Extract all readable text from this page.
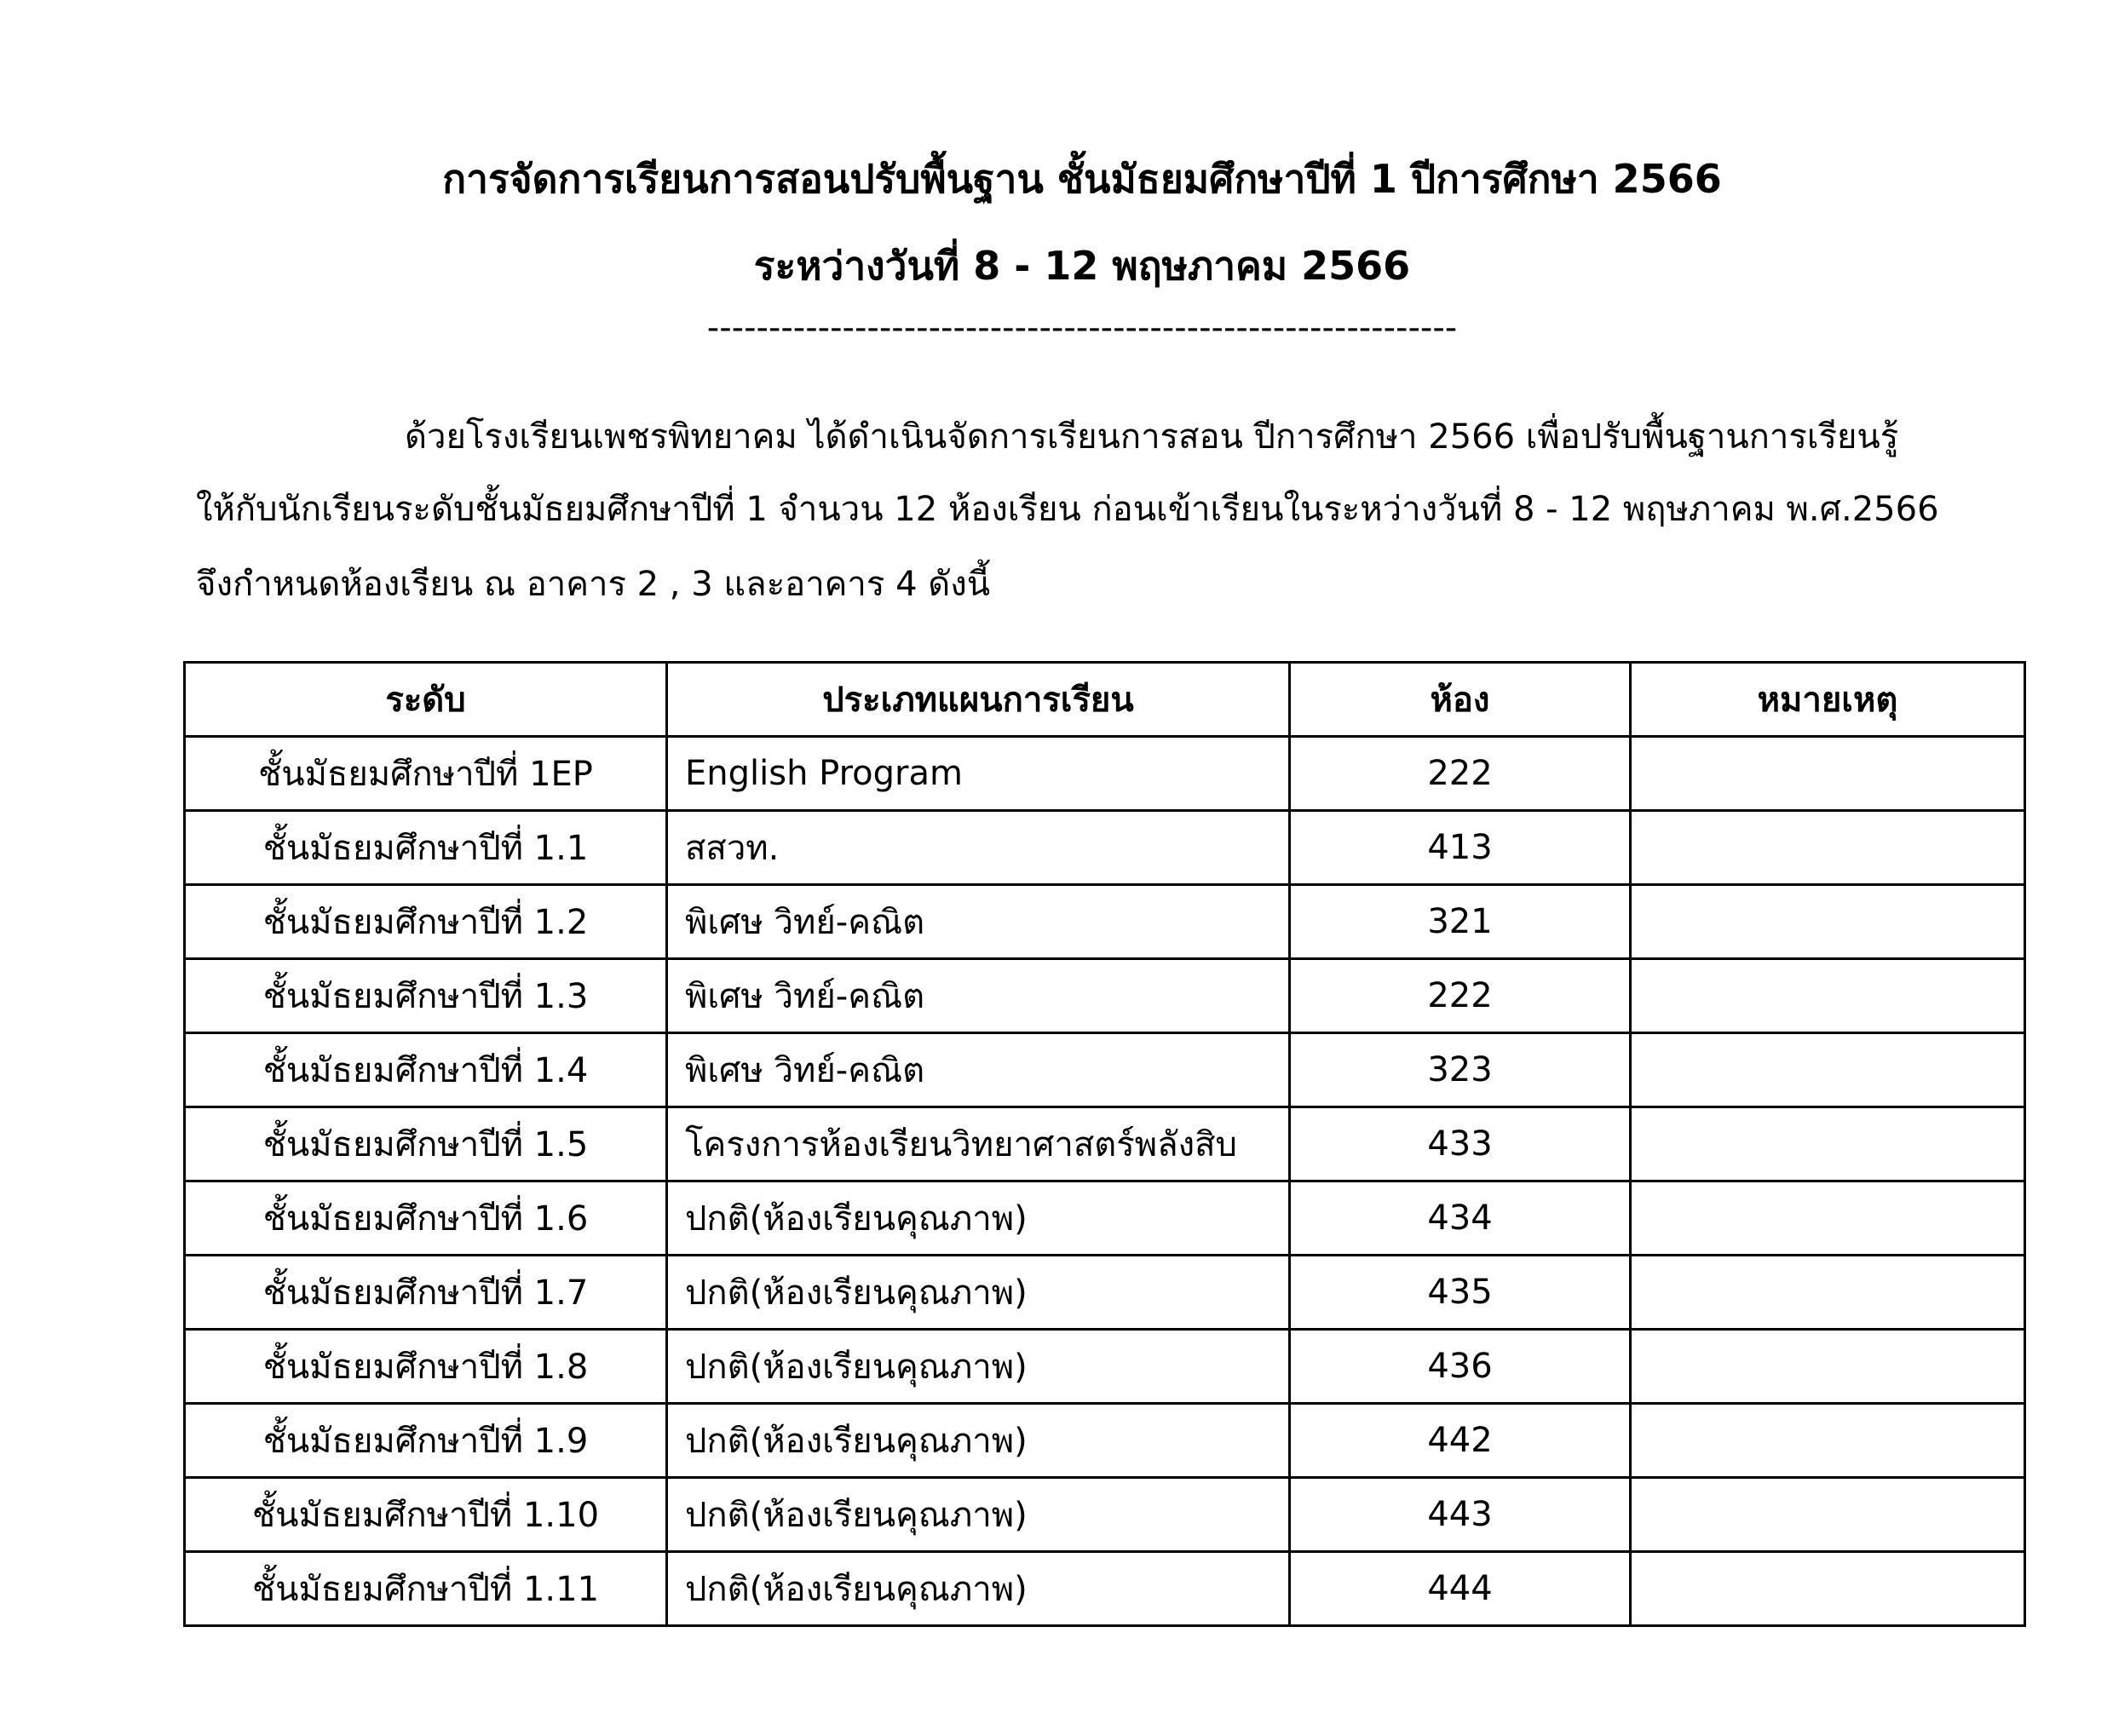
การจัดการเรียนการสอนปรับพื้นฐาน ชั้นมัธยมศึกษาปีที่ 1 ปีการศึกษา 2566
ระหว่างวันที่ 8 - 12 พฤษภาคม 2566
-------------------------------------------------------------
ด้วยโรงเรียนเพชรพิทยาคม ได้ดำเนินจัดการเรียนการสอน ปีการศึกษา 2566 เพื่อปรับพื้นฐานการเรียนรู้
ให้กับนักเรียนระดับชั้นมัธยมศึกษาปีที่ 1 จำนวน 12 ห้องเรียน ก่อนเข้าเรียนในระหว่างวันที่ 8 - 12 พฤษภาคม พ.ศ.2566
จึงกำหนดห้องเรียน ณ อาคาร 2 , 3 และอาคาร 4 ดังนี้
ระดับ	ประเภทแผนการเรียน	ห้อง	หมายเหตุ
ชั้นมัธยมศึกษาปีที่ 1EP	English Program	222	
ชั้นมัธยมศึกษาปีที่ 1.1	สสวท.	413	
ชั้นมัธยมศึกษาปีที่ 1.2	พิเศษ วิทย์-คณิต	321	
ชั้นมัธยมศึกษาปีที่ 1.3	พิเศษ วิทย์-คณิต	222	
ชั้นมัธยมศึกษาปีที่ 1.4	พิเศษ วิทย์-คณิต	323	
ชั้นมัธยมศึกษาปีที่ 1.5	โครงการห้องเรียนวิทยาศาสตร์พลังสิบ	433	
ชั้นมัธยมศึกษาปีที่ 1.6	ปกติ(ห้องเรียนคุณภาพ)	434	
ชั้นมัธยมศึกษาปีที่ 1.7	ปกติ(ห้องเรียนคุณภาพ)	435	
ชั้นมัธยมศึกษาปีที่ 1.8	ปกติ(ห้องเรียนคุณภาพ)	436	
ชั้นมัธยมศึกษาปีที่ 1.9	ปกติ(ห้องเรียนคุณภาพ)	442	
ชั้นมัธยมศึกษาปีที่ 1.10	ปกติ(ห้องเรียนคุณภาพ)	443	
ชั้นมัธยมศึกษาปีที่ 1.11	ปกติ(ห้องเรียนคุณภาพ)	444	
